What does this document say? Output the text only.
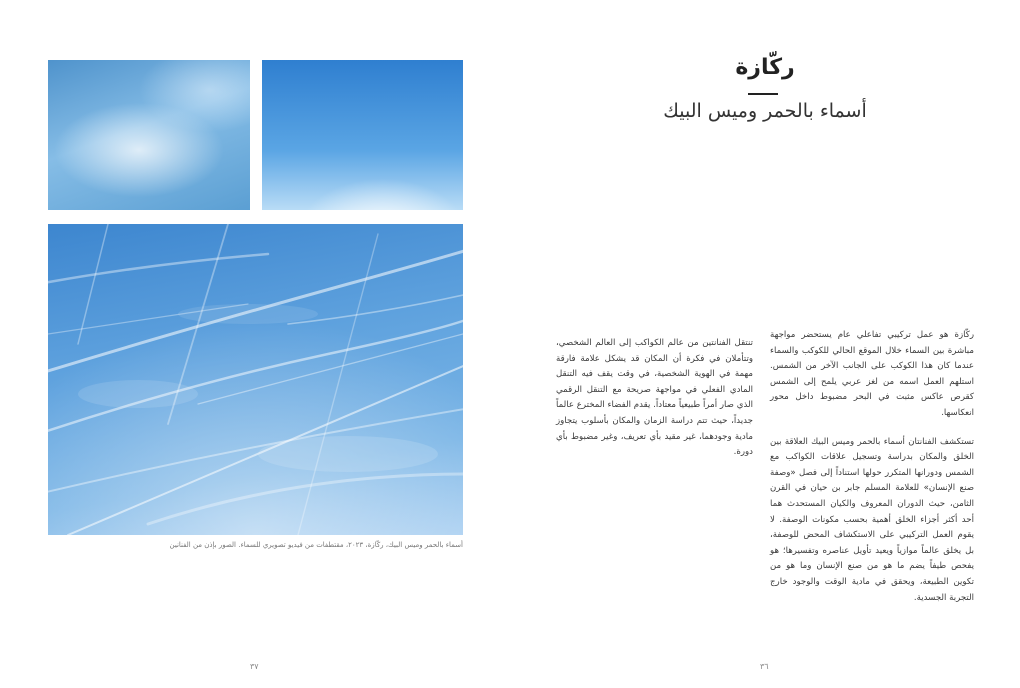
أسماء بالحمر وميس البيك، ركّازة، ٢٠٢٣، مقتطفات من فيديو تصويري للسماء. الصور بإذن من الفنانين
٣٧
ركّازة
أسماء بالحمر وميس البيك

ركّازة هو عمل تركيبي تفاعلي عام يستحضر مواجهة مباشرة بين السماء خلال الموقع الحالي للكوكب والسماء عندما كان هذا الكوكب على الجانب الآخر من الشمس. استلهم العمل اسمه من لغز عربي يلمح إلى الشمس كقرص عاكس مثبت في البحر مضبوط داخل محور انعكاسها.

تستكشف الفنانتان أسماء بالحمر وميس البيك العلاقة بين الخلق والمكان بدراسة وتسجيل علاقات الكواكب مع الشمس ودورانها المتكرر حولها استناداً إلى فصل «وصفة صنع الإنسان» للعلامة المسلم جابر بن حيان في القرن الثامن، حيث الدوران المعروف والكيان المستحدث هما أحد أكثر أجزاء الخلق أهمية بحسب مكونات الوصفة. لا يقوم العمل التركيبي على الاستكشاف المحض للوصفة، بل يخلق عالماً موازياً ويعيد تأويل عناصره وتفسيرها؛ هو يفحص طيفاً يضم ما هو من صنع الإنسان وما هو من تكوين الطبيعة، ويحقق في مادية الوقت والوجود خارج التجربة الجسدية.

تنتقل الفنانتين من عالم الكواكب إلى العالم الشخصي، وتتأملان في فكرة أن المكان قد يشكل علامة فارقة مهمة في الهوية الشخصية، في وقت يقف فيه التنقل المادي الفعلي في مواجهة صريحة مع التنقل الرقمي الذي صار أمراً طبيعياً معتاداً. يقدم الفضاء المخترع عالماً جديداً، حيث تتم دراسة الزمان والمكان بأسلوب يتجاوز مادية وجودهما، غير مقيد بأي تعريف، وغير مضبوط بأي دورة.

٣٦
